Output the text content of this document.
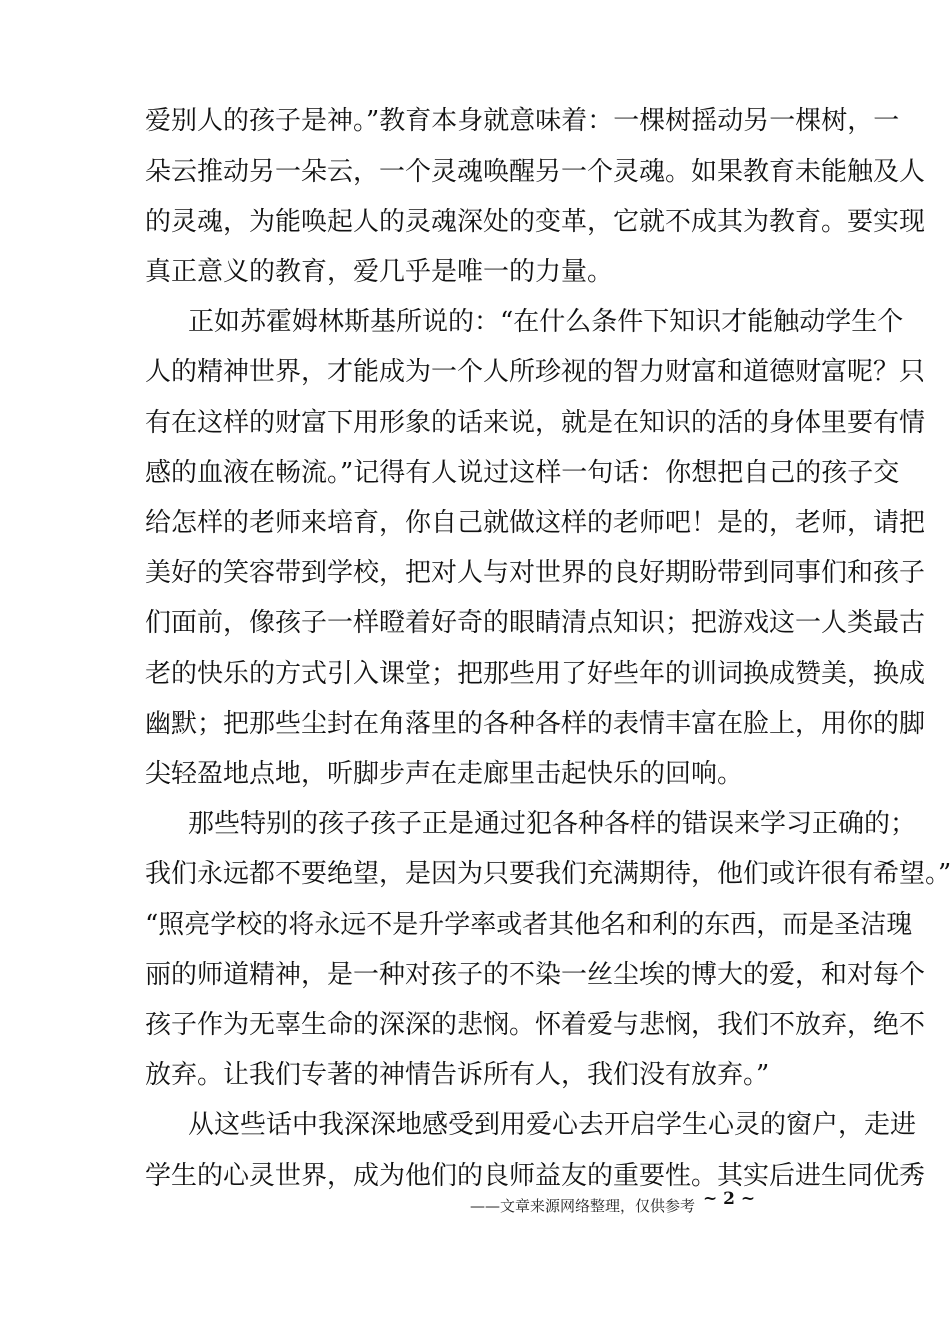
爱别人的孩子是神。”教育本身就意味着：一棵树摇动另一棵树，一
朵云推动另一朵云，一个灵魂唤醒另一个灵魂。如果教育未能触及人
的灵魂，为能唤起人的灵魂深处的变革，它就不成其为教育。要实现
真正意义的教育，爱几乎是唯一的力量。
正如苏霍姆林斯基所说的：“在什么条件下知识才能触动学生个
人的精神世界，才能成为一个人所珍视的智力财富和道德财富呢？只
有在这样的财富下用形象的话来说，就是在知识的活的身体里要有情
感的血液在畅流。”记得有人说过这样一句话：你想把自己的孩子交
给怎样的老师来培育，你自己就做这样的老师吧！是的，老师，请把
美好的笑容带到学校，把对人与对世界的良好期盼带到同事们和孩子
们面前，像孩子一样瞪着好奇的眼睛清点知识；把游戏这一人类最古
老的快乐的方式引入课堂；把那些用了好些年的训词换成赞美，换成
幽默；把那些尘封在角落里的各种各样的表情丰富在脸上，用你的脚
尖轻盈地点地，听脚步声在走廊里击起快乐的回响。
那些特别的孩子孩子正是通过犯各种各样的错误来学习正确的；
我们永远都不要绝望，是因为只要我们充满期待，他们或许很有希望。”
“照亮学校的将永远不是升学率或者其他名和利的东西，而是圣洁瑰
丽的师道精神，是一种对孩子的不染一丝尘埃的博大的爱，和对每个
孩子作为无辜生命的深深的悲悯。怀着爱与悲悯，我们不放弃，绝不
放弃。让我们专著的神情告诉所有人，我们没有放弃。”
从这些话中我深深地感受到用爱心去开启学生心灵的窗户，走进
学生的心灵世界，成为他们的良师益友的重要性。其实后进生同优秀
——文章来源网络整理，仅供参考 ~ 2 ~
